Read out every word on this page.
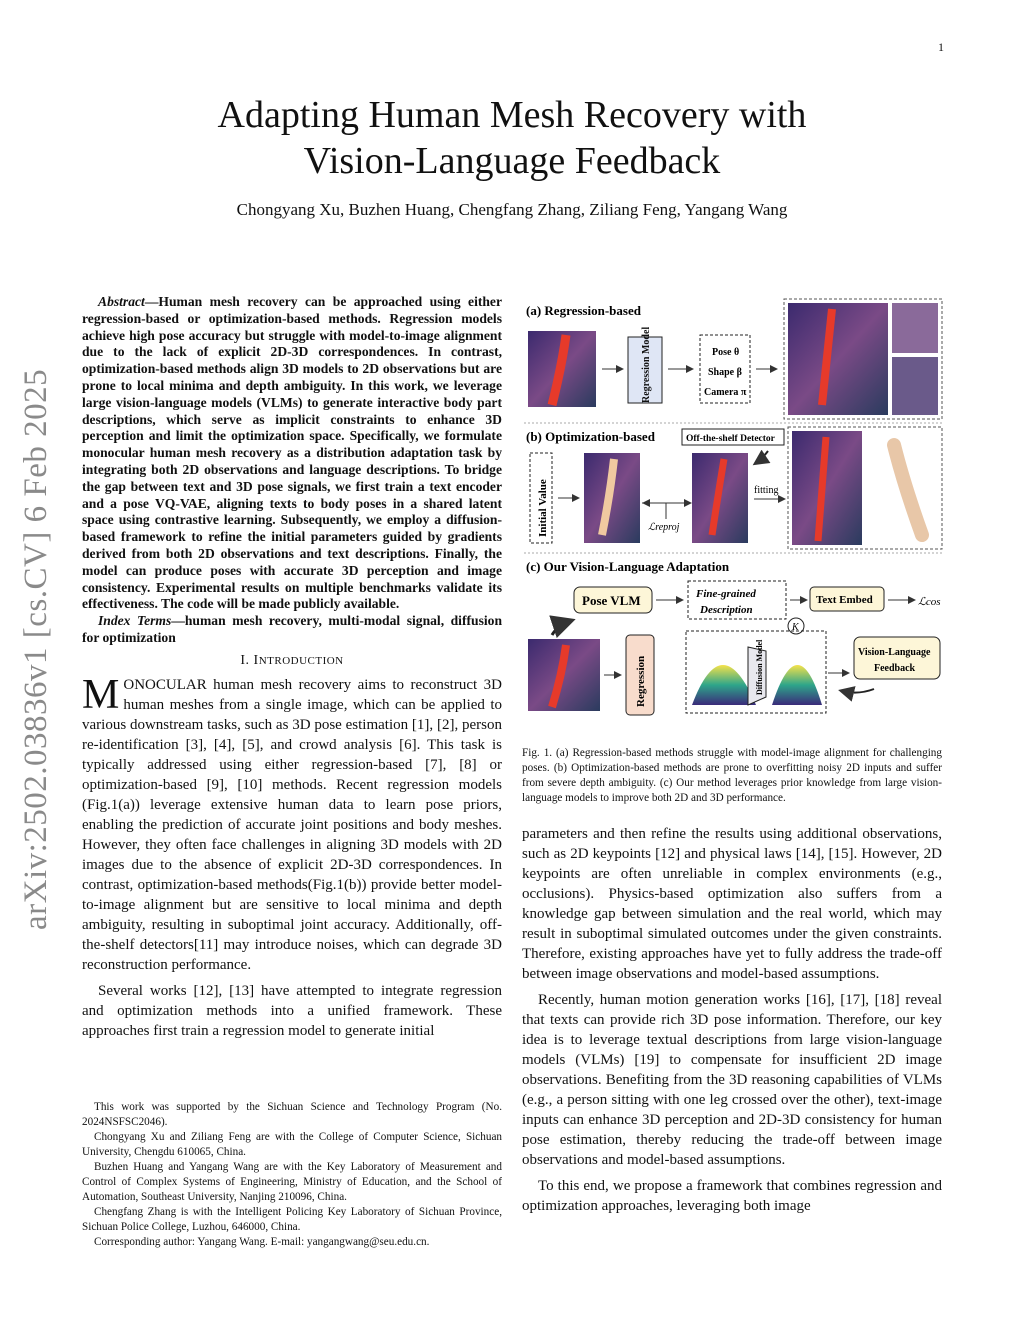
1
arXiv:2502.03836v1 [cs.CV] 6 Feb 2025
Adapting Human Mesh Recovery with
Vision-Language Feedback
Chongyang Xu, Buzhen Huang, Chengfang Zhang, Ziliang Feng, Yangang Wang

Abstract—Human mesh recovery can be approached using either regression-based or optimization-based methods. Regression models achieve high pose accuracy but struggle with model-to-image alignment due to the lack of explicit 2D-3D correspondences. In contrast, optimization-based methods align 3D models to 2D observations but are prone to local minima and depth ambiguity. In this work, we leverage large vision-language models (VLMs) to generate interactive body part descriptions, which serve as implicit constraints to enhance 3D perception and limit the optimization space. Specifically, we formulate monocular human mesh recovery as a distribution adaptation task by integrating both 2D observations and language descriptions. To bridge the gap between text and 3D pose signals, we first train a text encoder and a pose VQ-VAE, aligning texts to body poses in a shared latent space using contrastive learning. Subsequently, we employ a diffusion-based framework to refine the initial parameters guided by gradients derived from both 2D observations and text descriptions. Finally, the model can produce poses with accurate 3D perception and image consistency. Experimental results on multiple benchmarks validate its effectiveness. The code will be made publicly available.

Index Terms—human mesh recovery, multi-modal signal, diffusion for optimization

I. INTRODUCTION

MONOCULAR human mesh recovery aims to reconstruct 3D human meshes from a single image, which can be applied to various downstream tasks, such as 3D pose estimation [1], [2], person re-identification [3], [4], [5], and crowd analysis [6]. This task is typically addressed using either regression-based [7], [8] or optimization-based [9], [10] methods. Recent regression models (Fig.1(a)) leverage extensive human data to learn pose priors, enabling the prediction of accurate joint positions and body meshes. However, they often face challenges in aligning 3D models with 2D images due to the absence of explicit 2D-3D correspondences. In contrast, optimization-based methods(Fig.1(b)) provide better model-to-image alignment but are sensitive to local minima and depth ambiguity, resulting in suboptimal joint accuracy. Additionally, off-the-shelf detectors[11] may introduce noises, which can degrade 3D reconstruction performance.

Several works [12], [13] have attempted to integrate regression and optimization methods into a unified framework. These approaches first train a regression model to generate initial

This work was supported by the Sichuan Science and Technology Program (No. 2024NSFSC2046).

Chongyang Xu and Ziliang Feng are with the College of Computer Science, Sichuan University, Chengdu 610065, China.

Buzhen Huang and Yangang Wang are with the Key Laboratory of Measurement and Control of Complex Systems of Engineering, Ministry of Education, and the School of Automation, Southeast University, Nanjing 210096, China.

Chengfang Zhang is with the Intelligent Policing Key Laboratory of Sichuan Province, Sichuan Police College, Luzhou, 646000, China.

Corresponding author: Yangang Wang. E-mail: yangangwang@seu.edu.cn.

(a) Regression-based
Regression Model	Pose θ
Shape β
Camera π
(b) Optimization-based	Off-the-shelf Detector
Initial Value	ℒreproj
fitting
(c) Our Vision-Language Adaptation
Pose VLM	Fine-grained
Description
Text Embed	ℒcos
K
Regression	Diffusion Model	Vision-Language
Feedback

Fig. 1. (a) Regression-based methods struggle with model-image alignment for challenging poses. (b) Optimization-based methods are prone to overfitting noisy 2D inputs and suffer from severe depth ambiguity. (c) Our method leverages prior knowledge from large vision-language models to improve both 2D and 3D performance.

parameters and then refine the results using additional observations, such as 2D keypoints [12] and physical laws [14], [15]. However, 2D keypoints are often unreliable in complex environments (e.g., occlusions). Physics-based optimization also suffers from a knowledge gap between simulation and the real world, which may result in suboptimal simulated outcomes under the given constraints. Therefore, existing approaches have yet to fully address the trade-off between image observations and model-based assumptions.

Recently, human motion generation works [16], [17], [18] reveal that texts can provide rich 3D pose information. Therefore, our key idea is to leverage textual descriptions from large vision-language models (VLMs) [19] to compensate for insufficient 2D image observations. Benefiting from the 3D reasoning capabilities of VLMs (e.g., a person sitting with one leg crossed over the other), text-image inputs can enhance 3D perception and 2D-3D consistency for human pose estimation, thereby reducing the trade-off between image observations and model-based assumptions.

To this end, we propose a framework that combines regression and optimization approaches, leveraging both image
